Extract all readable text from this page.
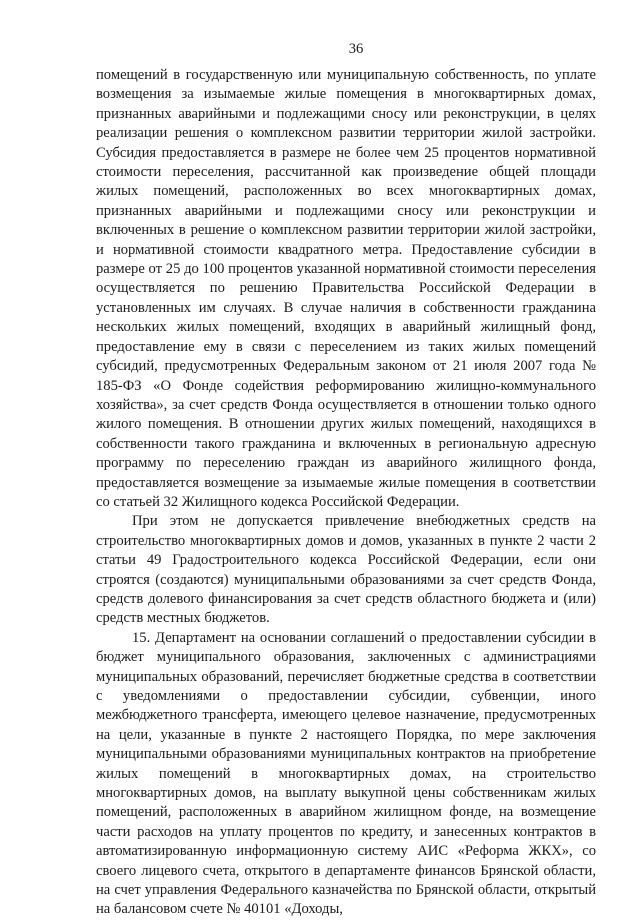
36

помещений в государственную или муниципальную собственность, по уплате возмещения за изымаемые жилые помещения в многоквартирных домах, признанных аварийными и подлежащими сносу или реконструкции, в целях реализации решения о комплексном развитии территории жилой застройки. Субсидия предоставляется в размере не более чем 25 процентов нормативной стоимости переселения, рассчитанной как произведение общей площади жилых помещений, расположенных во всех многоквартирных домах, признанных аварийными и подлежащими сносу или реконструкции и включенных в решение о комплексном развитии территории жилой застройки, и нормативной стоимости квадратного метра. Предоставление субсидии в размере от 25 до 100 процентов указанной нормативной стоимости переселения осуществляется по решению Правительства Российской Федерации в установленных им случаях. В случае наличия в собственности гражданина нескольких жилых помещений, входящих в аварийный жилищный фонд, предоставление ему в связи с переселением из таких жилых помещений субсидий, предусмотренных Федеральным законом от 21 июля 2007 года № 185-ФЗ «О Фонде содействия реформированию жилищно-коммунального хозяйства», за счет средств Фонда осуществляется в отношении только одного жилого помещения. В отношении других жилых помещений, находящихся в собственности такого гражданина и включенных в региональную адресную программу по переселению граждан из аварийного жилищного фонда, предоставляется возмещение за изымаемые жилые помещения в соответствии со статьей 32 Жилищного кодекса Российской Федерации.

При этом не допускается привлечение внебюджетных средств на строительство многоквартирных домов и домов, указанных в пункте 2 части 2 статьи 49 Градостроительного кодекса Российской Федерации, если они строятся (создаются) муниципальными образованиями за счет средств Фонда, средств долевого финансирования за счет средств областного бюджета и (или) средств местных бюджетов.

15. Департамент на основании соглашений о предоставлении субсидии в бюджет муниципального образования, заключенных с администрациями муниципальных образований, перечисляет бюджетные средства в соответствии с уведомлениями о предоставлении субсидии, субвенции, иного межбюджетного трансферта, имеющего целевое назначение, предусмотренных на цели, указанные в пункте 2 настоящего Порядка, по мере заключения муниципальными образованиями муниципальных контрактов на приобретение жилых помещений в многоквартирных домах, на строительство многоквартирных домов, на выплату выкупной цены собственникам жилых помещений, расположенных в аварийном жилищном фонде, на возмещение части расходов на уплату процентов по кредиту, и занесенных контрактов в автоматизированную информационную систему АИС «Реформа ЖКХ», со своего лицевого счета, открытого в департаменте финансов Брянской области, на счет управления Федерального казначейства по Брянской области, открытый на балансовом счете № 40101 «Доходы,
